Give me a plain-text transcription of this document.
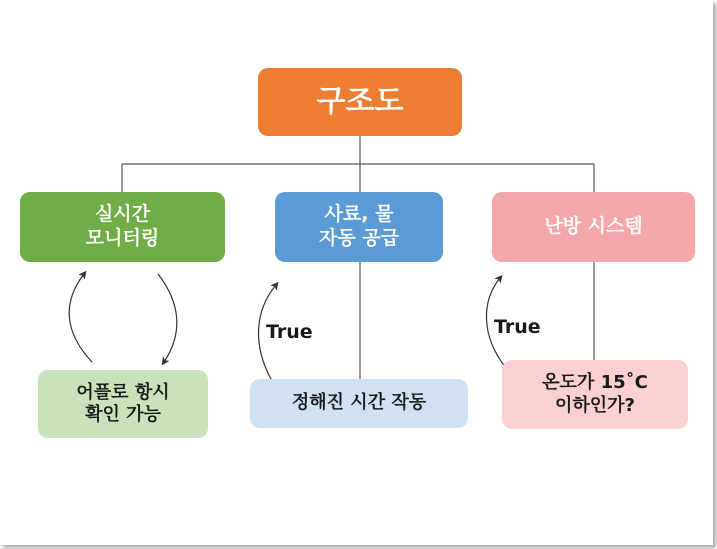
구조도
실시간
모니터링
사료, 물
자동 공급
난방 시스템
어플로 항시
확인 가능
정해진 시간 작동
온도가 15˚C
이하인가?
True	True
